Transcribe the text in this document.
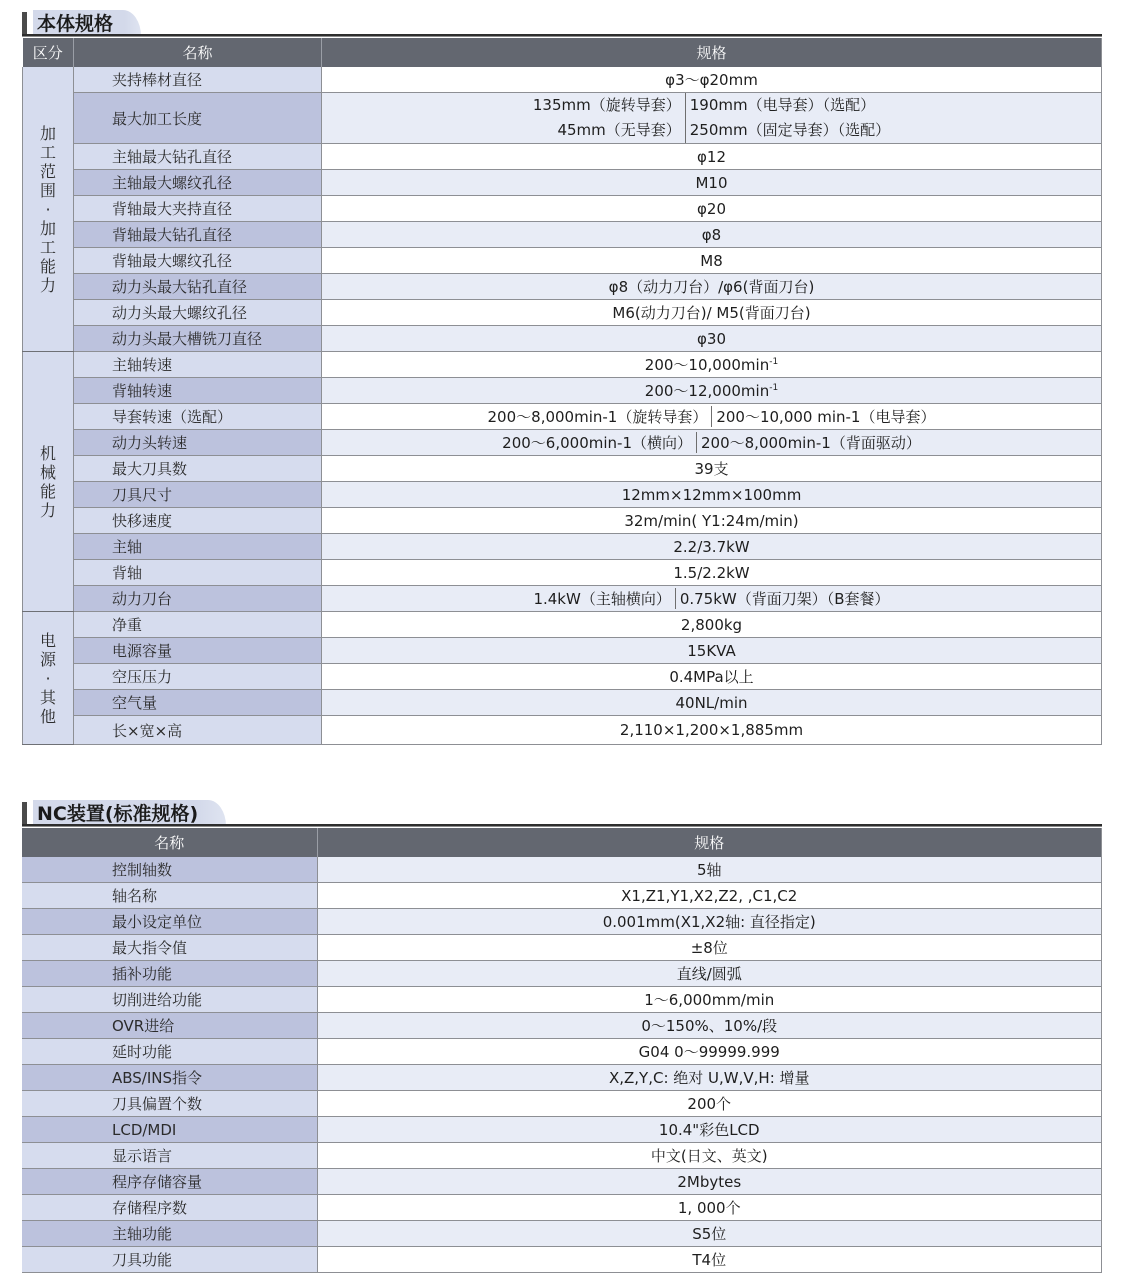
本体规格
区分	名称	规格
加工范围·加工能力	夹持棒材直径	φ3～φ20mm
	最大加工长度	135mm（旋转导套） 190mm（电导套）（选配）
45mm（无导套） 250mm（固定导套）（选配）

	主轴最大钻孔直径	φ12
	主轴最大螺纹孔径	M10
	背轴最大夹持直径	φ20
	背轴最大钻孔直径	φ8
	背轴最大螺纹孔径	M8
	动力头最大钻孔直径	φ8（动力刀台）/φ6(背面刀台)
	动力头最大螺纹孔径	M6(动力刀台)/ M5(背面刀台)
	动力头最大槽铣刀直径	φ30
机械能力	主轴转速	$200\sim 10,000\min^{-1}$
	背轴转速	$200\sim 12,000\min^{-1}$
	导套转速（选配）	200～8,000min-1（旋转导套） 200～10,000 min-1（电导套）

	动力头转速	200～6,000min-1（横向） 200～8,000min-1（背面驱动）

	最大刀具数	39支
	刀具尺寸	12mm×12mm×100mm
	快移速度	32m/min( Y1:24m/min)
	主轴	2.2/3.7kW
	背轴	1.5/2.2kW
	动力刀台	1.4kW（主轴横向） 0.75kW（背面刀架）（B套餐）

电源·其他	净重	2,800kg
	电源容量	15KVA
	空压压力	0.4MPa以上
	空气量	40NL/min
	长×宽×高	2,110×1,200×1,885mm
NC装置(标准规格)
名称	规格
控制轴数	5轴
轴名称	X1,Z1,Y1,X2,Z2, ,C1,C2
最小设定单位	0.001mm(X1,X2轴: 直径指定)
最大指令值	±8位
插补功能	直线/圆弧
切削进给功能	1～6,000mm/min
OVR进给	0～150%、10%/段
延时功能	G04 0～99999.999
ABS/INS指令	X,Z,Y,C: 绝对 U,W,V,H: 增量
刀具偏置个数	200个
LCD/MDI	10.4"彩色LCD
显示语言	中文(日文、英文)
程序存储容量	2Mbytes
存储程序数	1, 000个
主轴功能	S5位
刀具功能	T4位
